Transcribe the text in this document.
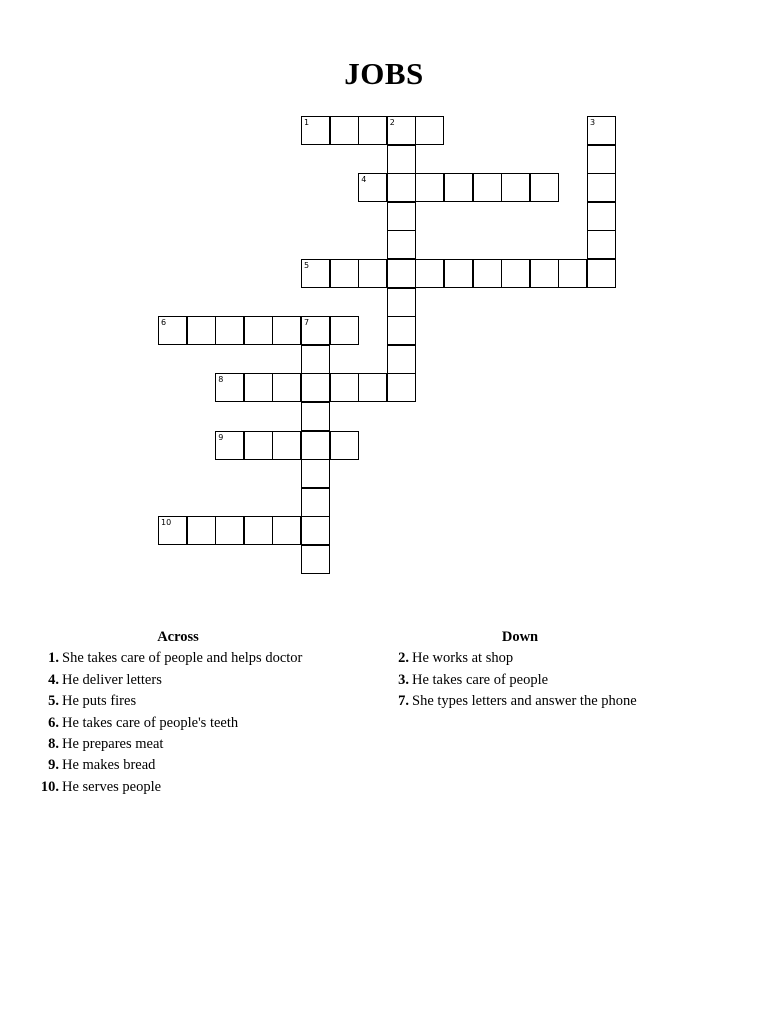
JOBS
1	2	3
4
5
6	7
8
9
10
Across
1. She takes care of people and helps doctor
4. He deliver letters
5. He puts fires
6. He takes care of people's teeth
8. He prepares meat
9. He makes bread
10. He serves people
Down
2. He works at shop
3. He takes care of people
7. She types letters and answer the phone
